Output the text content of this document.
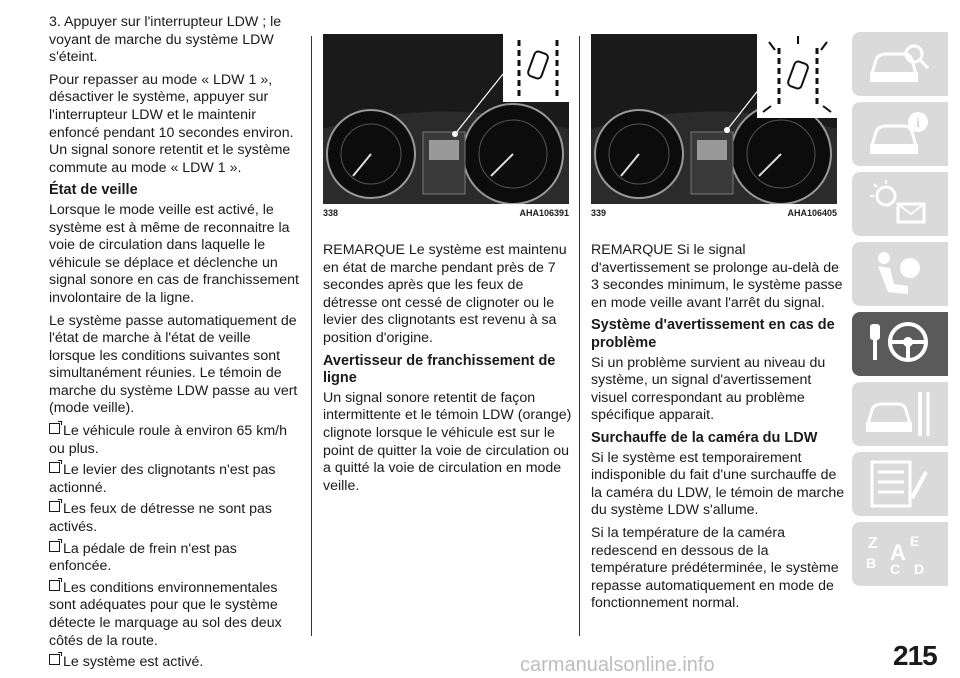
3. Appuyer sur l'interrupteur LDW ; le voyant de marche du système LDW s'éteint.

Pour repasser au mode « LDW 1 », désactiver le système, appuyer sur l'interrupteur LDW et le maintenir enfoncé pendant 10 secondes environ. Un signal sonore retentit et le système commute au mode « LDW 1 ».

État de veille

Lorsque le mode veille est activé, le système est à même de reconnaitre la voie de circulation dans laquelle le véhicule se déplace et déclenche un signal sonore en cas de franchissement involontaire de la ligne.

Le système passe automatiquement de l'état de marche à l'état de veille lorsque les conditions suivantes sont simultanément réunies. Le témoin de marche du système LDW passe au vert (mode veille).

Le véhicule roule à environ 65 km/h ou plus.
Le levier des clignotants n'est pas actionné.
Les feux de détresse ne sont pas activés.
La pédale de frein n'est pas enfoncée.
Les conditions environnementales sont adéquates pour que le système détecte le marquage au sol des deux côtés de la route.
Le système est activé.
338	AHA106391 339	AHA106405

REMARQUE Le système est maintenu en état de marche pendant près de 7 secondes après que les feux de détresse ont cessé de clignoter ou le levier des clignotants est revenu à sa position d'origine.

Avertisseur de franchissement de ligne

Un signal sonore retentit de façon intermittente et le témoin LDW (orange) clignote lorsque le véhicule est sur le point de quitter la voie de circulation ou a quitté la voie de circulation en mode veille.

REMARQUE Si le signal d'avertissement se prolonge au-delà de 3 secondes minimum, le système passe en mode veille avant l'arrêt du signal.

Système d'avertissement en cas de problème

Si un problème survient au niveau du système, un signal d'avertissement visuel correspondant au problème spécifique apparait.

Surchauffe de la caméra du LDW

Si le système est temporairement indisponible du fait d'une surchauffe de la caméra du LDW, le témoin de marche du système LDW s'allume.

Si la température de la caméra redescend en dessous de la température prédéterminée, le système repasse automatiquement en mode de fonctionnement normal.

i
Z E
B C D
A
215
carmanualsonline.info
